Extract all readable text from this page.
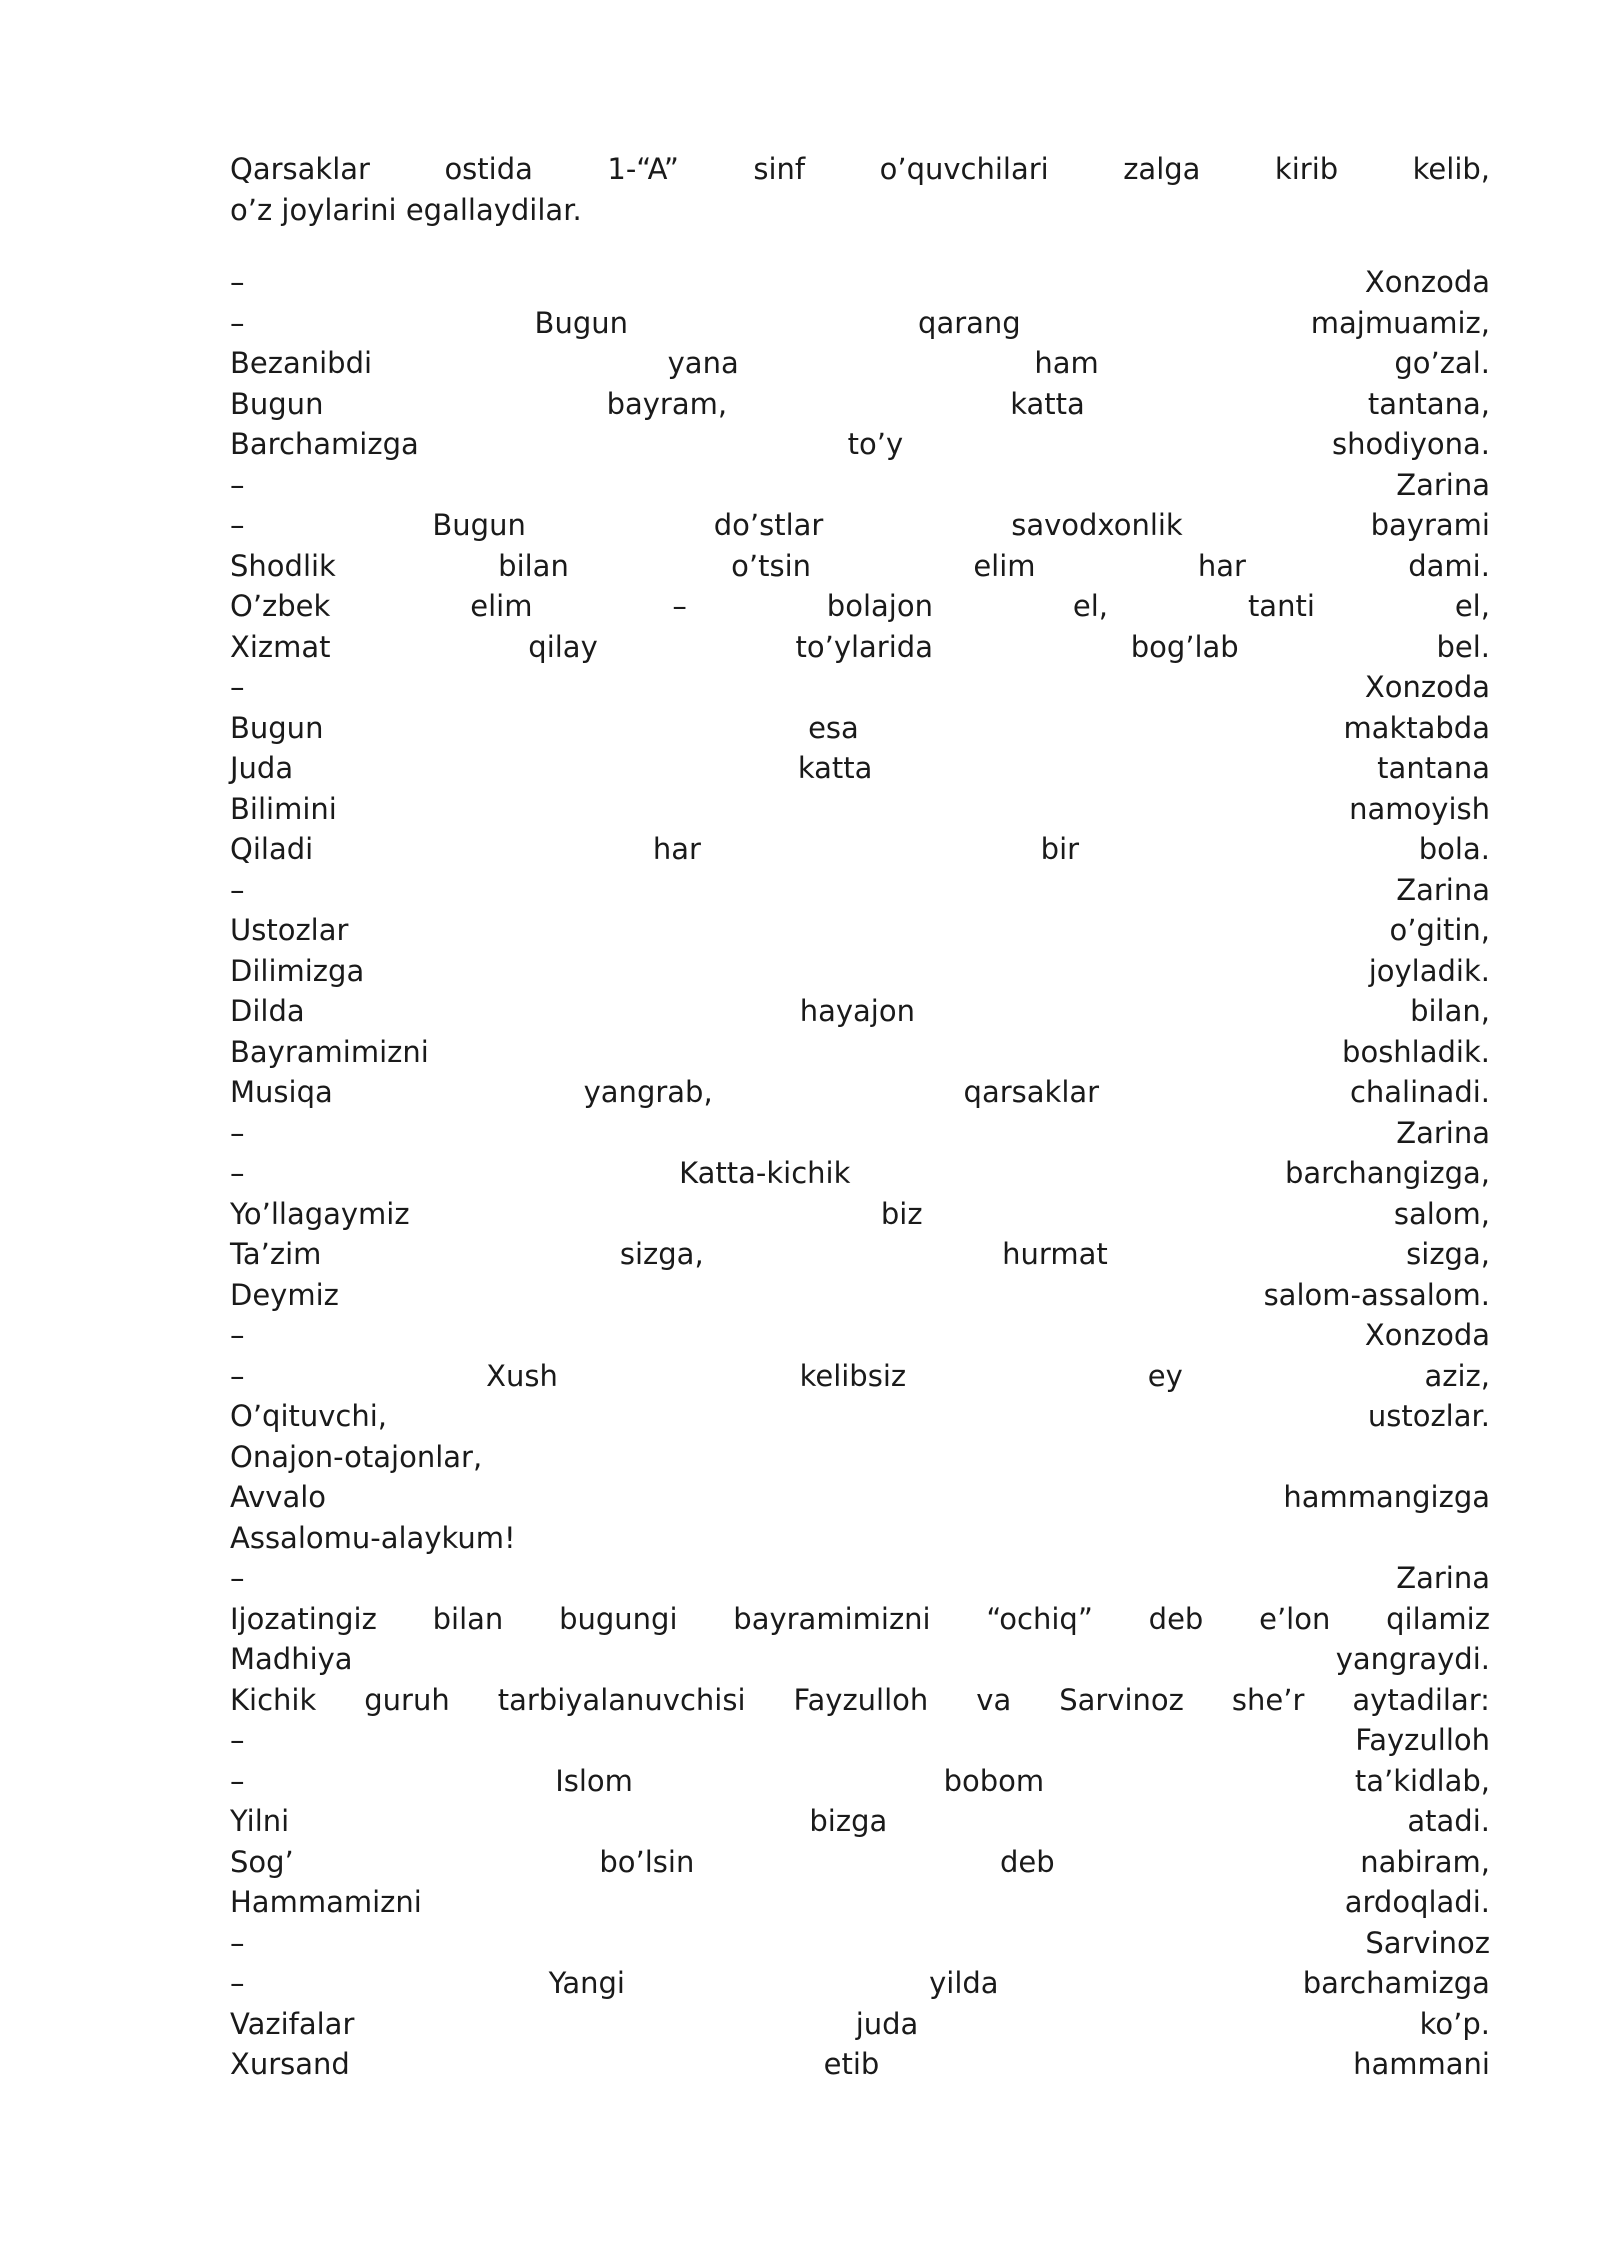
Qarsaklar	ostida	1-“A”	sinf	o’quvchilari	zalga	kirib	kelib,
o’z joylarini egallaydilar.
–	Xonzoda
–	Bugun	qarang	majmuamiz,
Bezanibdi	yana	ham	go’zal.
Bugun	bayram,	katta	tantana,
Barchamizga	to’y	shodiyona.
–	Zarina
–	Bugun	do’stlar	savodxonlik	bayrami
Shodlik	bilan	o’tsin	elim	har	dami.
O’zbek	elim	–	bolajon	el,	tanti	el,
Xizmat	qilay	to’ylarida	bog’lab	bel.
–	Xonzoda
Bugun	esa	maktabda
Juda	katta	tantana
Bilimini	namoyish
Qiladi	har	bir	bola.
–	Zarina
Ustozlar	o’gitin,
Dilimizga	joyladik.
Dilda	hayajon	bilan,
Bayramimizni	boshladik.
Musiqa	yangrab,	qarsaklar	chalinadi.
–	Zarina
–	Katta-kichik	barchangizga,
Yo’llagaymiz	biz	salom,
Ta’zim	sizga,	hurmat	sizga,
Deymiz	salom-assalom.
–	Xonzoda
–	Xush	kelibsiz	ey	aziz,
O’qituvchi,	ustozlar.
Onajon-otajonlar,
Avvalo	hammangizga
Assalomu-alaykum!
–	Zarina
Ijozatingiz bilan bugungi bayramimizni “ochiq” deb e’lon qilamiz
Madhiya	yangraydi.
Kichik guruh tarbiyalanuvchisi Fayzulloh va Sarvinoz she’r aytadilar:
–	Fayzulloh
–	Islom	bobom	ta’kidlab,
Yilni	bizga	atadi.
Sog’	bo’lsin	deb	nabiram,
Hammamizni	ardoqladi.
–	Sarvinoz
–	Yangi	yilda	barchamizga
Vazifalar	juda	ko’p.
Xursand	etib	hammani
